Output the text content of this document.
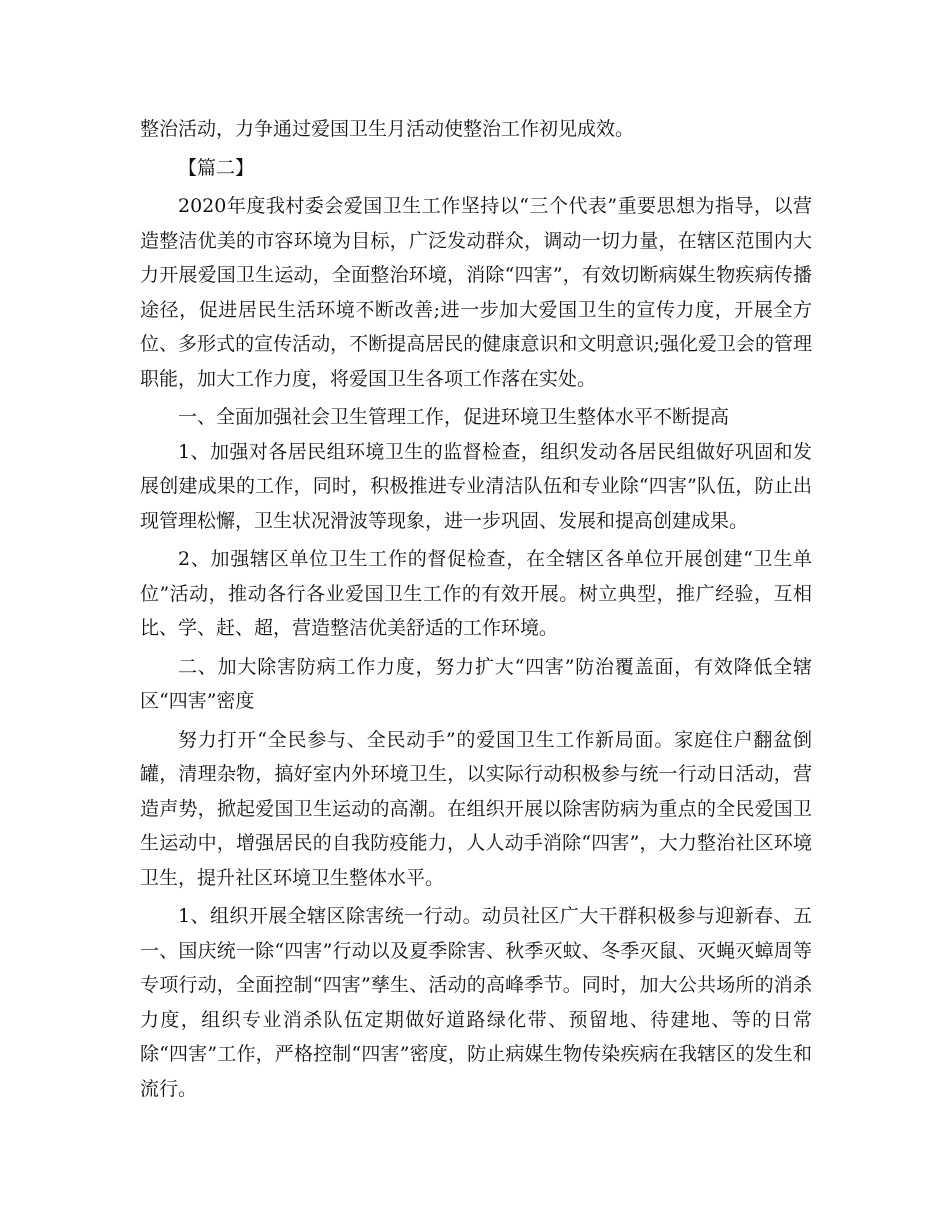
整治活动，力争通过爱国卫生月活动使整治工作初见成效。

【篇二】

2020年度我村委会爱国卫生工作坚持以“三个代表”重要思想为指导，以营造整洁优美的市容环境为目标，广泛发动群众，调动一切力量，在辖区范围内大力开展爱国卫生运动，全面整治环境，消除“四害”，有效切断病媒生物疾病传播途径，促进居民生活环境不断改善;进一步加大爱国卫生的宣传力度，开展全方位、多形式的宣传活动，不断提高居民的健康意识和文明意识;强化爱卫会的管理职能，加大工作力度，将爱国卫生各项工作落在实处。

一、全面加强社会卫生管理工作，促进环境卫生整体水平不断提高

1、加强对各居民组环境卫生的监督检查，组织发动各居民组做好巩固和发展创建成果的工作，同时，积极推进专业清洁队伍和专业除“四害”队伍，防止出现管理松懈，卫生状况滑波等现象，进一步巩固、发展和提高创建成果。

2、加强辖区单位卫生工作的督促检查，在全辖区各单位开展创建“卫生单位”活动，推动各行各业爱国卫生工作的有效开展。树立典型，推广经验，互相比、学、赶、超，营造整洁优美舒适的工作环境。

二、加大除害防病工作力度，努力扩大“四害”防治覆盖面，有效降低全辖区“四害”密度

努力打开“全民参与、全民动手”的爱国卫生工作新局面。家庭住户翻盆倒罐，清理杂物，搞好室内外环境卫生，以实际行动积极参与统一行动日活动，营造声势，掀起爱国卫生运动的高潮。在组织开展以除害防病为重点的全民爱国卫生运动中，增强居民的自我防疫能力，人人动手消除“四害”，大力整治社区环境卫生，提升社区环境卫生整体水平。

1、组织开展全辖区除害统一行动。动员社区广大干群积极参与迎新春、五一、国庆统一除“四害”行动以及夏季除害、秋季灭蚊、冬季灭鼠、灭蝇灭蟑周等专项行动，全面控制“四害”孳生、活动的高峰季节。同时，加大公共场所的消杀力度，组织专业消杀队伍定期做好道路绿化带、预留地、待建地、等的日常除“四害”工作，严格控制“四害”密度，防止病媒生物传染疾病在我辖区的发生和流行。
